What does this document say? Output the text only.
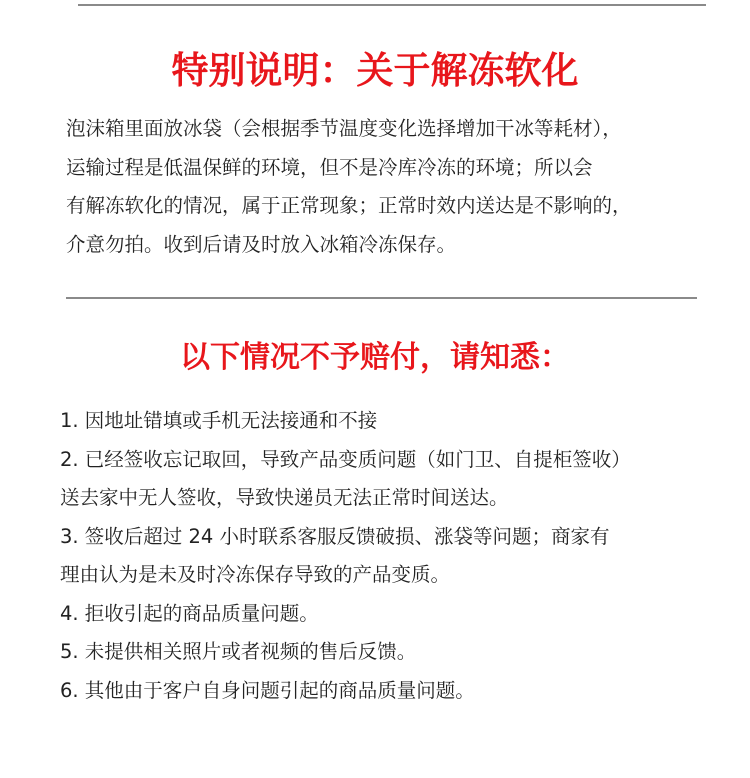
特别说明：关于解冻软化
泡沫箱里面放冰袋（会根据季节温度变化选择增加干冰等耗材），
运输过程是低温保鲜的环境，但不是冷库冷冻的环境；所以会
有解冻软化的情况，属于正常现象；正常时效内送达是不影响的，
介意勿拍。收到后请及时放入冰箱冷冻保存。
以下情况不予赔付，请知悉：
1. 因地址错填或手机无法接通和不接
2. 已经签收忘记取回，导致产品变质问题（如门卫、自提柜签收）
送去家中无人签收，导致快递员无法正常时间送达。
3. 签收后超过 24 小时联系客服反馈破损、涨袋等问题；商家有
理由认为是未及时冷冻保存导致的产品变质。
4. 拒收引起的商品质量问题。
5. 未提供相关照片或者视频的售后反馈。
6. 其他由于客户自身问题引起的商品质量问题。
